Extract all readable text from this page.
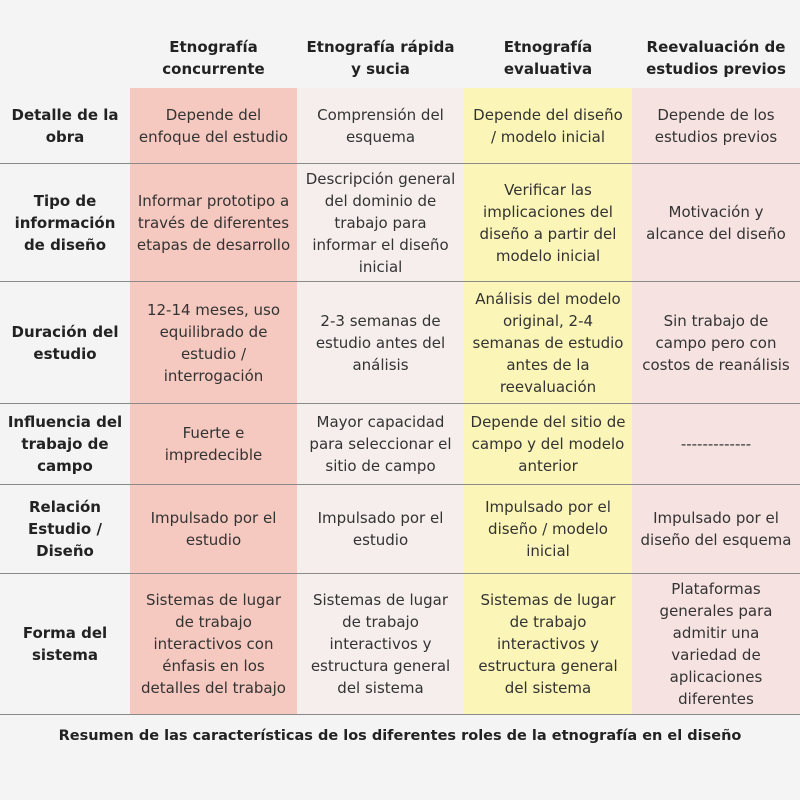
Etnografía concurrente
Etnografía rápida y sucia
Etnografía evaluativa
Reevaluación de estudios previos
Detalle de la obra
Depende del enfoque del estudio
Comprensión del esquema
Depende del diseño / modelo inicial
Depende de los estudios previos
Tipo de información de diseño
Informar prototipo a través de diferentes etapas de desarrollo
Descripción general del dominio de trabajo para informar el diseño inicial
Verificar las implicaciones del diseño a partir del modelo inicial
Motivación y alcance del diseño
Duración del estudio
12-14 meses, uso equilibrado de estudio / interrogación
2-3 semanas de estudio antes del análisis
Análisis del modelo original, 2-4 semanas de estudio antes de la reevaluación
Sin trabajo de campo pero con costos de reanálisis
Influencia del trabajo de campo
Fuerte e impredecible
Mayor capacidad para seleccionar el sitio de campo
Depende del sitio de campo y del modelo anterior
-------------
Relación Estudio / Diseño
Impulsado por el estudio
Impulsado por el estudio
Impulsado por el diseño / modelo inicial
Impulsado por el diseño del esquema
Forma del sistema
Sistemas de lugar de trabajo interactivos con énfasis en los detalles del trabajo
Sistemas de lugar de trabajo interactivos y estructura general del sistema
Sistemas de lugar de trabajo interactivos y estructura general del sistema
Plataformas generales para admitir una variedad de aplicaciones diferentes
Resumen de las características de los diferentes roles de la etnografía en el diseño
